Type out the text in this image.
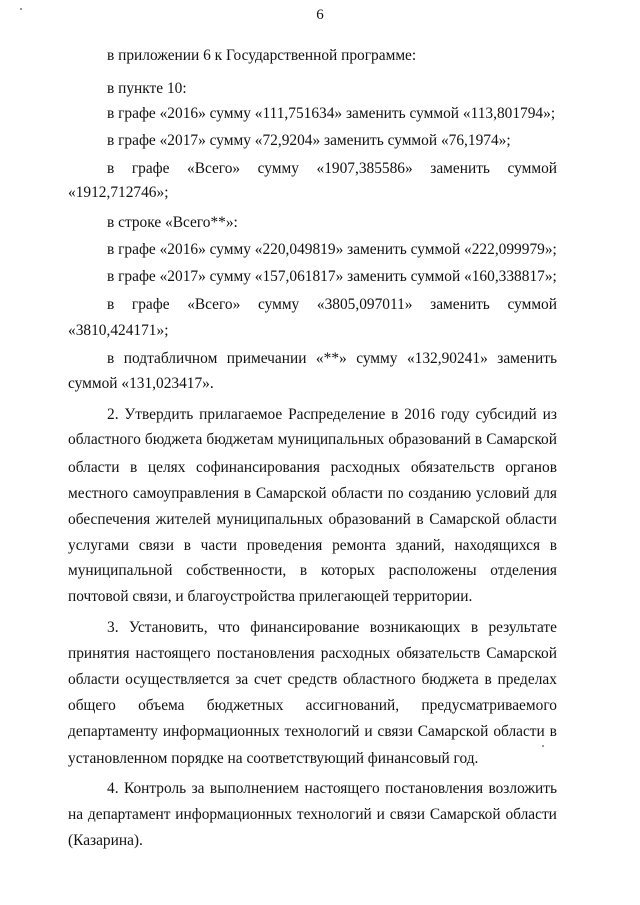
6
в приложении 6 к Государственной программе:
в пункте 10:
в графе «2016» сумму «111,751634» заменить суммой «113,801794»;
в графе «2017» сумму «72,9204» заменить суммой «76,1974»;
в графе «Всего» сумму «1907,385586» заменить суммой
«1912,712746»;
в строке «Всего**»:
в графе «2016» сумму «220,049819» заменить суммой «222,099979»;
в графе «2017» сумму «157,061817» заменить суммой «160,338817»;
в графе «Всего» сумму «3805,097011» заменить суммой
«3810,424171»;
в подтабличном примечании «**» сумму «132,90241» заменить
суммой «131,023417».
2. Утвердить прилагаемое Распределение в 2016 году субсидий из
областного бюджета бюджетам муниципальных образований в Самарской
области в целях софинансирования расходных обязательств органов
местного самоуправления в Самарской области по созданию условий для
обеспечения жителей муниципальных образований в Самарской области
услугами связи в части проведения ремонта зданий, находящихся в
муниципальной собственности, в которых расположены отделения
почтовой связи, и благоустройства прилегающей территории.
3. Установить, что финансирование возникающих в результате
принятия настоящего постановления расходных обязательств Самарской
области осуществляется за счет средств областного бюджета в пределах
общего объема бюджетных ассигнований, предусматриваемого
департаменту информационных технологий и связи Самарской области в
установленном порядке на соответствующий финансовый год.
4. Контроль за выполнением настоящего постановления возложить
на департамент информационных технологий и связи Самарской области
(Казарина).
